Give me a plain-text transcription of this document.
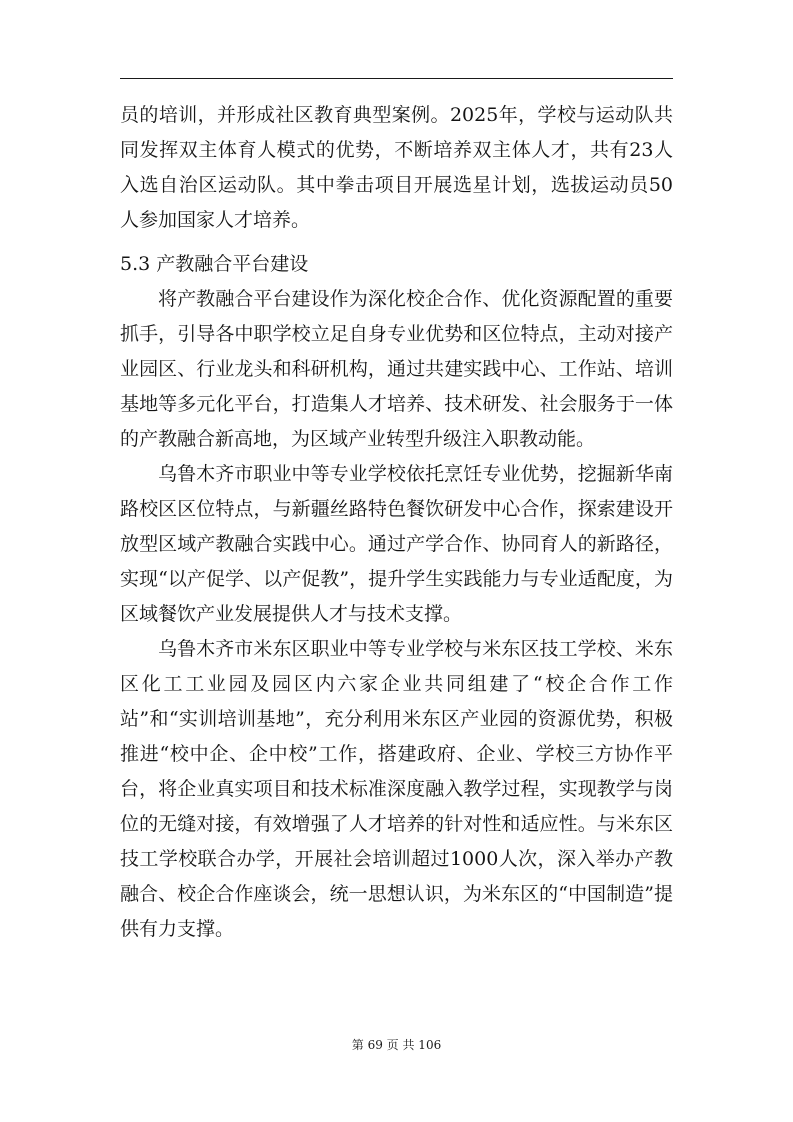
员的培训，并形成社区教育典型案例。2025年，学校与运动队共同发挥双主体育人模式的优势，不断培养双主体人才，共有23人入选自治区运动队。其中拳击项目开展选星计划，选拔运动员50人参加国家人才培养。

5.3 产教融合平台建设

将产教融合平台建设作为深化校企合作、优化资源配置的重要抓手，引导各中职学校立足自身专业优势和区位特点，主动对接产业园区、行业龙头和科研机构，通过共建实践中心、工作站、培训基地等多元化平台，打造集人才培养、技术研发、社会服务于一体的产教融合新高地，为区域产业转型升级注入职教动能。

乌鲁木齐市职业中等专业学校依托烹饪专业优势，挖掘新华南路校区区位特点，与新疆丝路特色餐饮研发中心合作，探索建设开放型区域产教融合实践中心。通过产学合作、协同育人的新路径，实现“以产促学、以产促教”，提升学生实践能力与专业适配度，为区域餐饮产业发展提供人才与技术支撑。

乌鲁木齐市米东区职业中等专业学校与米东区技工学校、米东区化工工业园及园区内六家企业共同组建了“校企合作工作站”和“实训培训基地”，充分利用米东区产业园的资源优势，积极推进“校中企、企中校”工作，搭建政府、企业、学校三方协作平台，将企业真实项目和技术标准深度融入教学过程，实现教学与岗位的无缝对接，有效增强了人才培养的针对性和适应性。与米东区技工学校联合办学，开展社会培训超过1000人次，深入举办产教融合、校企合作座谈会，统一思想认识，为米东区的“中国制造”提供有力支撑。

第 69 页 共 106
